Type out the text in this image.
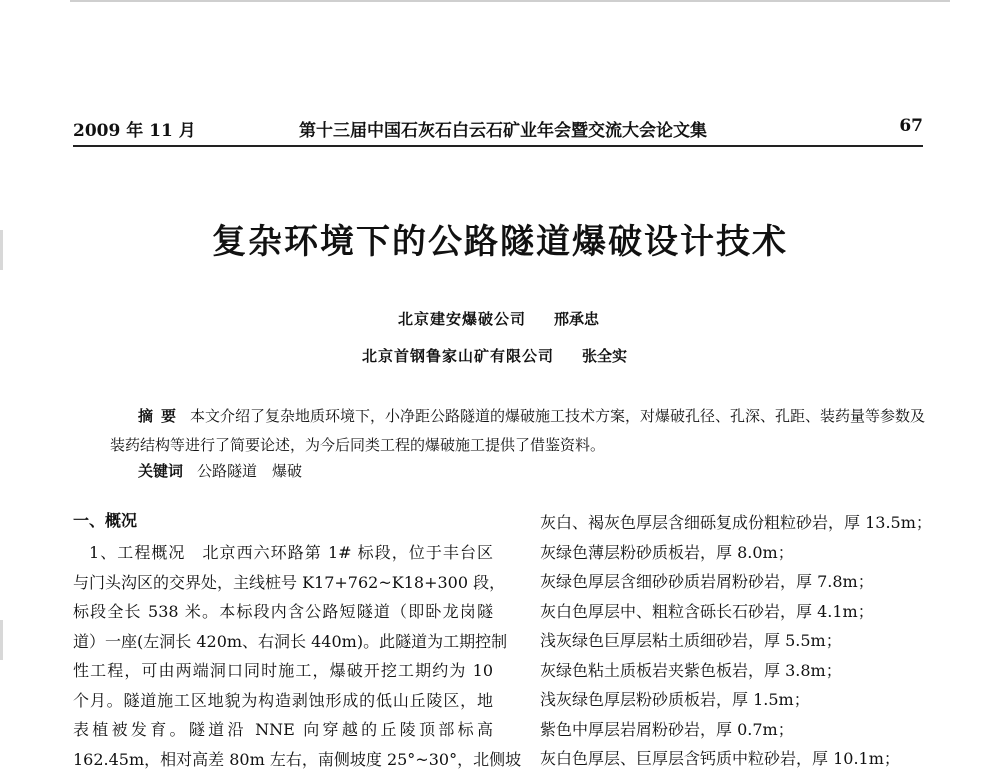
2009 年 11 月	第十三届中国石灰石白云石矿业年会暨交流大会论文集	67
复杂环境下的公路隧道爆破设计技术
北京建安爆破公司 邢承忠
北京首钢鲁家山矿有限公司 张全实
摘要 本文介绍了复杂地质环境下，小净距公路隧道的爆破施工技术方案，对爆破孔径、孔深、孔距、装药量等参数及装药结构等进行了简要论述，为今后同类工程的爆破施工提供了借鉴资料。
关键词 公路隧道　爆破
一、概况
1、工程概况　北京西六环路第 1# 标段，位于丰台区
与门头沟区的交界处，主线桩号 K17+762~K18+300 段，
标段全长 538 米。本标段内含公路短隧道（即卧龙岗隧
道）一座(左洞长 420m、右洞长 440m)。此隧道为工期控制
性工程，可由两端洞口同时施工，爆破开挖工期约为 10
个月。隧道施工区地貌为构造剥蚀形成的低山丘陵区，地
表植被发育。隧道沿 NNE 向穿越的丘陵顶部标高
162.45m，相对高差 80m 左右，南侧坡度 25°~30°，北侧坡
灰白、褐灰色厚层含细砾复成份粗粒砂岩，厚 13.5m；
灰绿色薄层粉砂质板岩，厚 8.0m；
灰绿色厚层含细砂砂质岩屑粉砂岩，厚 7.8m；
灰白色厚层中、粗粒含砾长石砂岩，厚 4.1m；
浅灰绿色巨厚层粘土质细砂岩，厚 5.5m；
灰绿色粘土质板岩夹紫色板岩，厚 3.8m；
浅灰绿色厚层粉砂质板岩，厚 1.5m；
紫色中厚层岩屑粉砂岩，厚 0.7m；
灰白色厚层、巨厚层含钙质中粒砂岩，厚 10.1m；
